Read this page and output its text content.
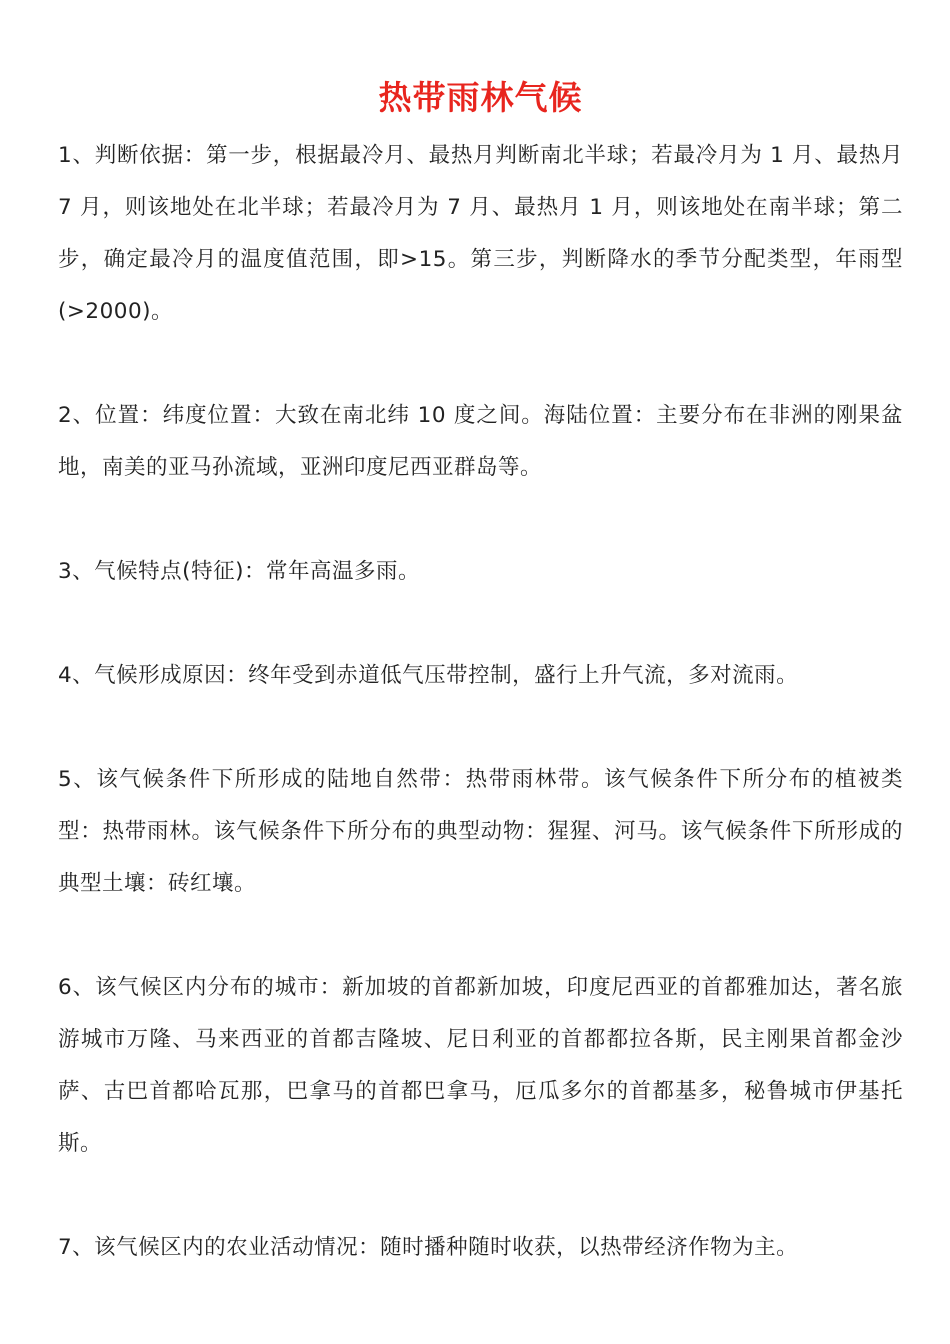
热带雨林气候

1、判断依据：第一步，根据最冷月、最热月判断南北半球；若最冷月为 1 月、最热月 7 月，则该地处在北半球；若最冷月为 7 月、最热月 1 月，则该地处在南半球；第二步，确定最冷月的温度值范围，即>15。第三步，判断降水的季节分配类型，年雨型(>2000)。

2、位置：纬度位置：大致在南北纬 10 度之间。海陆位置：主要分布在非洲的刚果盆地，南美的亚马孙流域，亚洲印度尼西亚群岛等。

3、气候特点(特征)：常年高温多雨。

4、气候形成原因：终年受到赤道低气压带控制，盛行上升气流，多对流雨。

5、该气候条件下所形成的陆地自然带：热带雨林带。该气候条件下所分布的植被类型：热带雨林。该气候条件下所分布的典型动物：猩猩、河马。该气候条件下所形成的典型土壤：砖红壤。

6、该气候区内分布的城市：新加坡的首都新加坡，印度尼西亚的首都雅加达，著名旅游城市万隆、马来西亚的首都吉隆坡、尼日利亚的首都都拉各斯，民主刚果首都金沙萨、古巴首都哈瓦那，巴拿马的首都巴拿马，厄瓜多尔的首都基多，秘鲁城市伊基托斯。

7、该气候区内的农业活动情况：随时播种随时收获，以热带经济作物为主。
